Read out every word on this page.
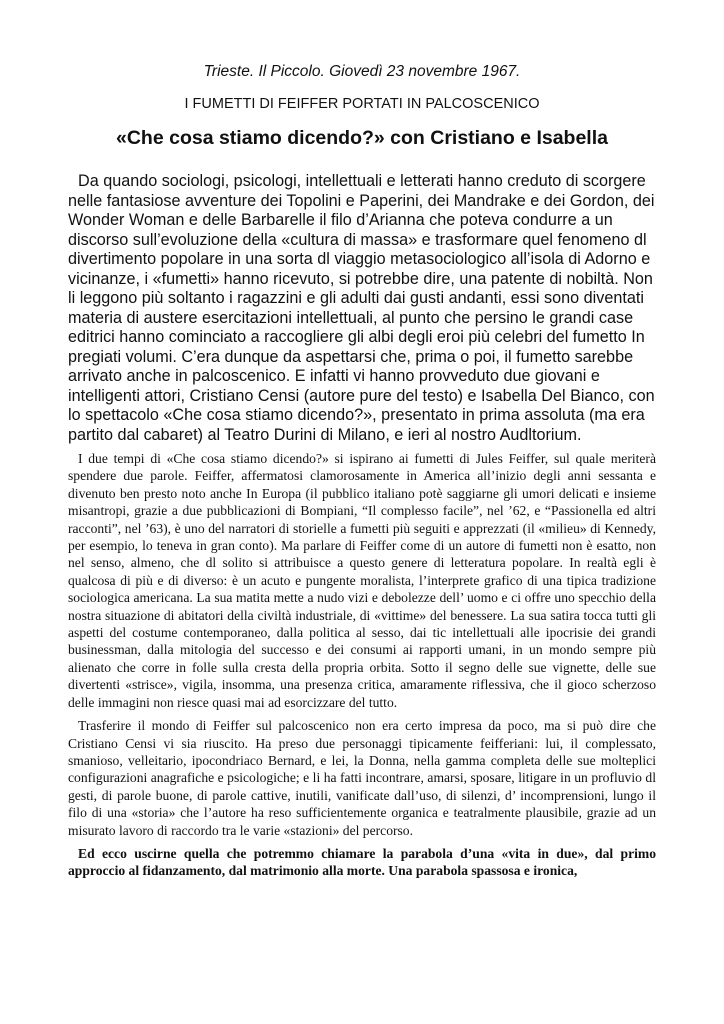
Trieste. Il Piccolo. Giovedì 23 novembre 1967.

I FUMETTI DI FEIFFER PORTATI IN PALCOSCENICO

«Che cosa stiamo dicendo?» con Cristiano e Isabella

Da quando sociologi, psicologi, intellettuali e letterati hanno creduto di scorgere nelle fantasiose avventure dei Topolini e Paperini, dei Mandrake e dei Gordon, dei Wonder Woman e delle Barbarelle il filo d’Arianna che poteva condurre a un discorso sull’evoluzione della «cultura di massa» e trasformare quel fenomeno dl divertimento popolare in una sorta dl viaggio metasociologico all’isola di Adorno e vicinanze, i «fumetti» hanno ricevuto, si potrebbe dire, una patente di nobiltà. Non li leggono più soltanto i ragazzini e gli adulti dai gusti andanti, essi sono diventati materia di austere esercitazioni intellettuali, al punto che persino le grandi case editrici hanno cominciato a raccogliere gli albi degli eroi più celebri del fumetto In pregiati volumi. C’era dunque da aspettarsi che, prima o poi, il fumetto sarebbe arrivato anche in palcoscenico. E infatti vi hanno provveduto due giovani e intelligenti attori, Cristiano Censi (autore pure del testo) e Isabella Del Bianco, con lo spettacolo «Che cosa stiamo dicendo?», presentato in prima assoluta (ma era partito dal cabaret) al Teatro Durini di Milano, e ieri al nostro Audltorium.

I due tempi di «Che cosa stiamo dicendo?» si ispirano ai fumetti di Jules Feiffer, sul quale meriterà spendere due parole. Feiffer, affermatosi clamorosamente in America all’inizio degli anni sessanta e divenuto ben presto noto anche In Europa (il pubblico italiano potè saggiarne gli umori delicati e insieme misantropi, grazie a due pubblicazioni di Bompiani, “Il complesso facile”, nel ’62, e “Passionella ed altri racconti”, nel ’63), è uno del narratori di storielle a fumetti più seguiti e apprezzati (il «milieu» di Kennedy, per esempio, lo teneva in gran conto). Ma parlare di Feiffer come di un autore di fumetti non è esatto, non nel senso, almeno, che dl solito si attribuisce a questo genere di letteratura popolare. In realtà egli è qualcosa di più e di diverso: è un acuto e pungente moralista, l’interprete grafico di una tipica tradizione sociologica americana. La sua matita mette a nudo vizi e debolezze dell’ uomo e ci offre uno specchio della nostra situazione di abitatori della civiltà industriale, di «vittime» del benessere. La sua satira tocca tutti gli aspetti del costume contemporaneo, dalla politica al sesso, dai tic intellettuali alle ipocrisie dei grandi businessman, dalla mitologia del successo e dei consumi ai rapporti umani, in un mondo sempre più alienato che corre in folle sulla cresta della propria orbita. Sotto il segno delle sue vignette, delle sue divertenti «strisce», vigila, insomma, una presenza critica, amaramente riflessiva, che il gioco scherzoso delle immagini non riesce quasi mai ad esorcizzare del tutto.

Trasferire il mondo di Feiffer sul palcoscenico non era certo impresa da poco, ma si può dire che Cristiano Censi vi sia riuscito. Ha preso due personaggi tipicamente feifferiani: lui, il complessato, smanioso, velleitario, ipocondriaco Bernard, e lei, la Donna, nella gamma completa delle sue molteplici configurazioni anagrafiche e psicologiche; e li ha fatti incontrare, amarsi, sposare, litigare in un profluvio dl gesti, di parole buone, di parole cattive, inutili, vanificate dall’uso, di silenzi, d’ incomprensioni, lungo il filo di una «storia» che l’autore ha reso sufficientemente organica e teatralmente plausibile, grazie ad un misurato lavoro di raccordo tra le varie «stazioni» del percorso.

Ed ecco uscirne quella che potremmo chiamare la parabola d’una «vita in due», dal primo approccio al fidanzamento, dal matrimonio alla morte. Una parabola spassosa e ironica,
